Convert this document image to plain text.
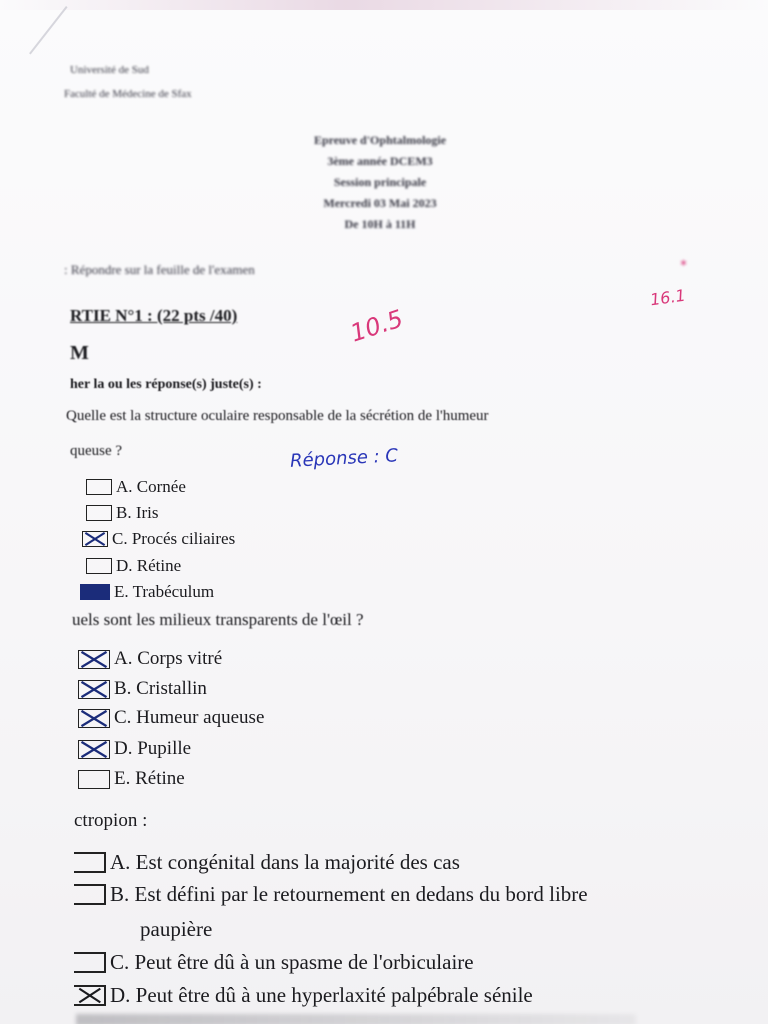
Université de Sud
Faculté de Médecine de Sfax
Epreuve d'Ophtalmologie
3ème année DCEM3
Session principale
Mercredi 03 Mai 2023
De 10H à 11H
: Répondre sur la feuille de l'examen	*
16.1
RTIE N°1 : (22 pts /40)	10.5
M
her la ou les réponse(s) juste(s) :
Quelle est la structure oculaire responsable de la sécrétion de l'humeur
queuse ?	Réponse : C
A. Cornée
B. Iris
C. Procés ciliaires
D. Rétine
E. Trabéculum
uels sont les milieux transparents de l'œil ?
A. Corps vitré
B. Cristallin
C. Humeur aqueuse
D. Pupille
E. Rétine
ctropion :
A. Est congénital dans la majorité des cas
B. Est défini par le retournement en dedans du bord libre
paupière
C. Peut être dû à un spasme de l'orbiculaire
D. Peut être dû à une hyperlaxité palpébrale sénile
